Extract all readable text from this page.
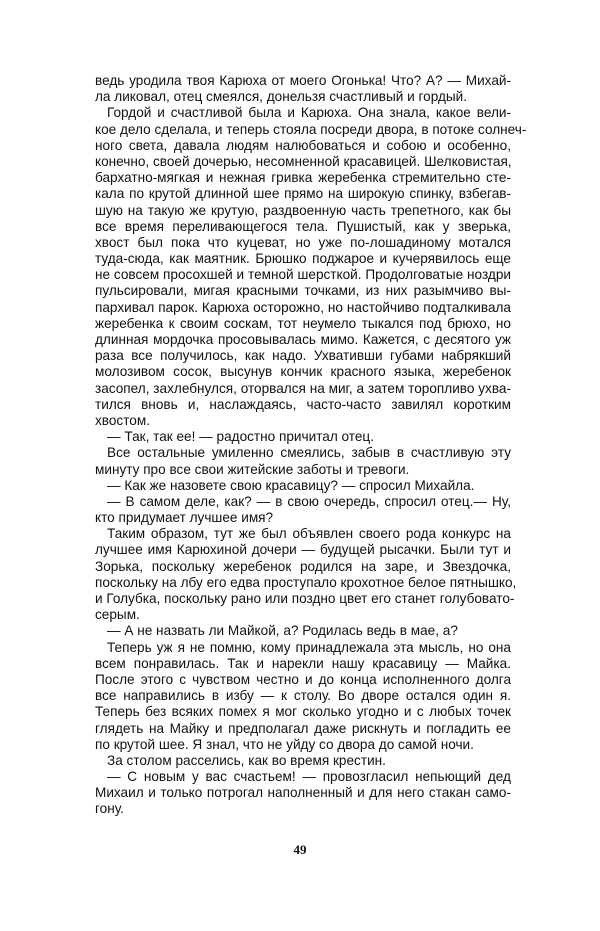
ведь уродила твоя Карюха от моего Огонька! Что? А? — Михай-
ла ликовал, отец смеялся, донельзя счастливый и гордый.
Гордой и счастливой была и Карюха. Она знала, какое вели-
кое дело сделала, и теперь стояла посреди двора, в потоке солнеч-
ного света, давала людям налюбоваться и собою и особенно,
конечно, своей дочерью, несомненной красавицей. Шелковистая,
бархатно-мягкая и нежная гривка жеребенка стремительно сте-
кала по крутой длинной шее прямо на широкую спинку, взбегав-
шую на такую же крутую, раздвоенную часть трепетного, как бы
все время переливающегося тела. Пушистый, как у зверька,
хвост был пока что куцеват, но уже по-лошадиному мотался
туда-сюда, как маятник. Брюшко поджарое и кучерявилось еще
не совсем просохшей и темной шерсткой. Продолговатые ноздри
пульсировали, мигая красными точками, из них разымчиво вы-
пархивал парок. Карюха осторожно, но настойчиво подталкивала
жеребенка к своим соскам, тот неумело тыкался под брюхо, но
длинная мордочка просовывалась мимо. Кажется, с десятого уж
раза все получилось, как надо. Ухвативши губами набрякший
молозивом сосок, высунув кончик красного языка, жеребенок
засопел, захлебнулся, оторвался на миг, а затем торопливо ухва-
тился вновь и, наслаждаясь, часто-часто завилял коротким
хвостом.
— Так, так ее! — радостно причитал отец.
Все остальные умиленно смеялись, забыв в счастливую эту
минуту про все свои житейские заботы и тревоги.
— Как же назовете свою красавицу? — спросил Михайла.
— В самом деле, как? — в свою очередь, спросил отец.— Ну,
кто придумает лучшее имя?
Таким образом, тут же был объявлен своего рода конкурс на
лучшее имя Карюхиной дочери — будущей рысачки. Были тут и
Зорька, поскольку жеребенок родился на заре, и Звездочка,
поскольку на лбу его едва проступало крохотное белое пятнышко,
и Голубка, поскольку рано или поздно цвет его станет голубовато-
серым.
— А не назвать ли Майкой, а? Родилась ведь в мае, а?
Теперь уж я не помню, кому принадлежала эта мысль, но она
всем понравилась. Так и нарекли нашу красавицу — Майка.
После этого с чувством честно и до конца исполненного долга
все направились в избу — к столу. Во дворе остался один я.
Теперь без всяких помех я мог сколько угодно и с любых точек
глядеть на Майку и предполагал даже рискнуть и погладить ее
по крутой шее. Я знал, что не уйду со двора до самой ночи.
За столом расселись, как во время крестин.
— С новым у вас счастьем! — провозгласил непьющий дед
Михаил и только потрогал наполненный и для него стакан само-
гону.
49
